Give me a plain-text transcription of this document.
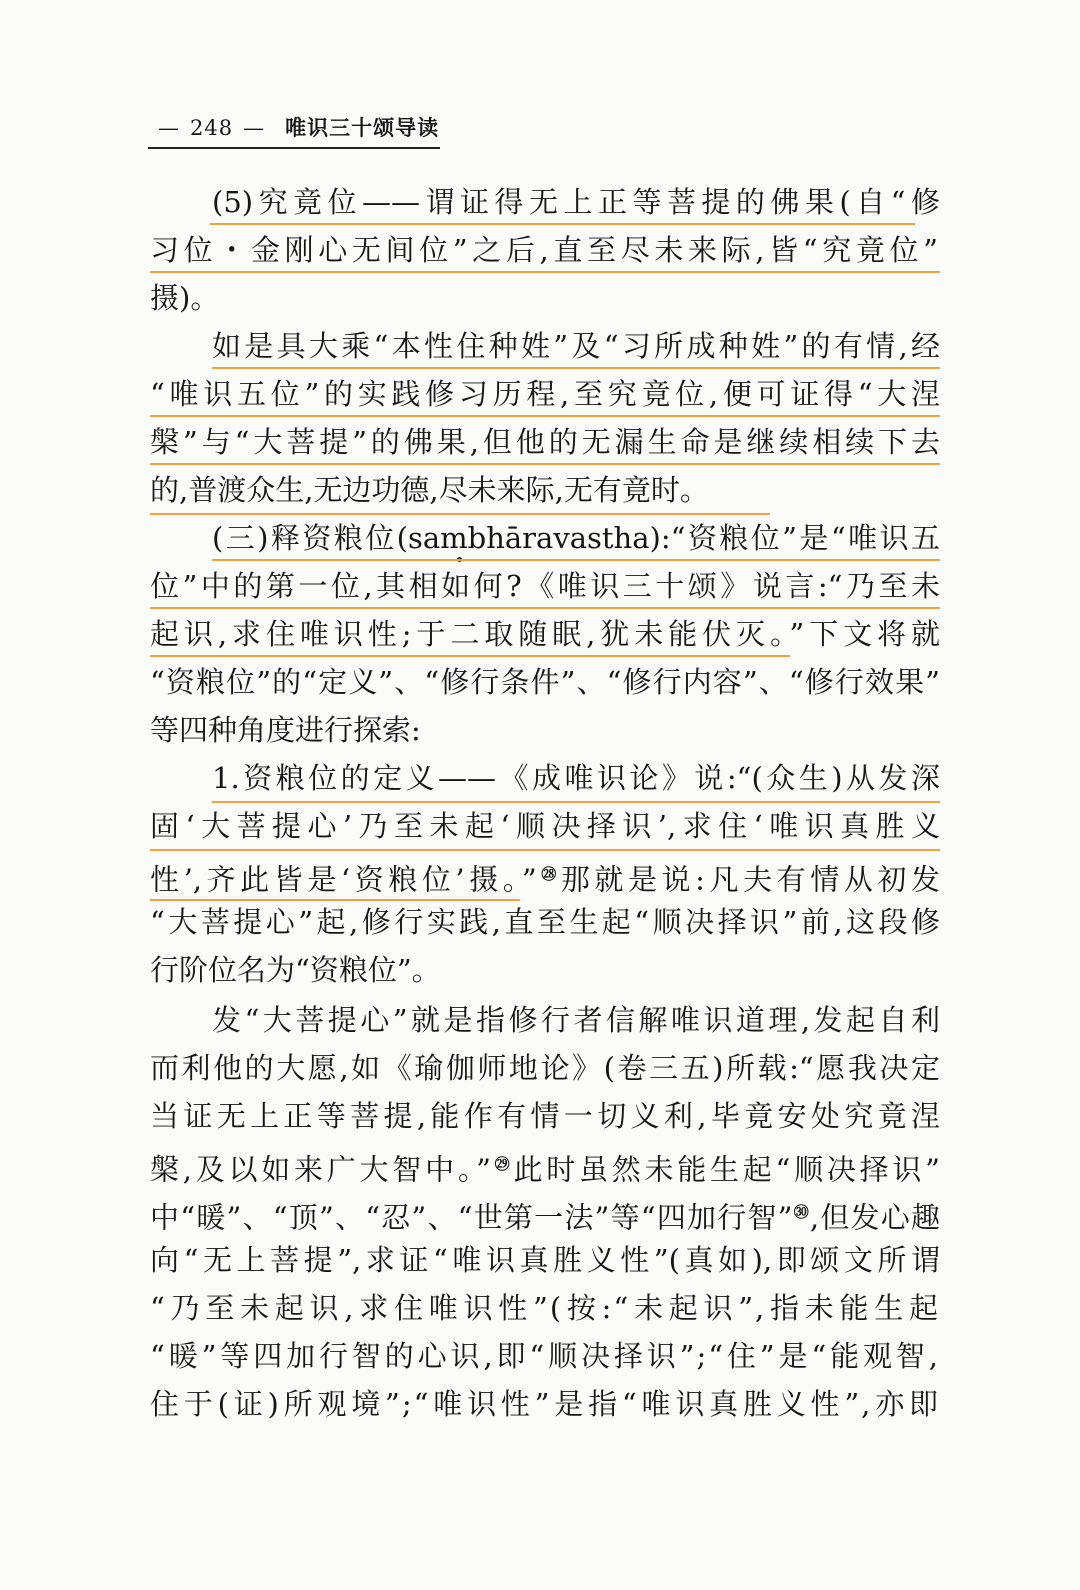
— 248 — 唯识三十颂导读
(5)究竟位——谓证得无上正等菩提的佛果(自“修
习位・金刚心无间位”之后,直至尽未来际,皆“究竟位”
摄)。
如是具大乘“本性住种姓”及“习所成种姓”的有情,经
“唯识五位”的实践修习历程,至究竟位,便可证得“大涅
槃”与“大菩提”的佛果,但他的无漏生命是继续相续下去
的,普渡众生,无边功德,尽未来际,无有竟时。
(三)释资粮位(sambhāravastha):“资粮位”是“唯识五
位”中的第一位,其相如何?《唯识三十颂》说言:“乃至未
起识,求住唯识性;于二取随眠,犹未能伏灭。”下文将就
“资粮位”的“定义”、“修行条件”、“修行内容”、“修行效果”
等四种角度进行探索:
1.资粮位的定义——《成唯识论》说:“(众生)从发深
固‘大菩提心’乃至未起‘顺决择识’,求住‘唯识真胜义
性’,齐此皆是‘资粮位’摄。”$^㉘$那就是说:凡夫有情从初发
“大菩提心”起,修行实践,直至生起“顺决择识”前,这段修
行阶位名为“资粮位”。
发“大菩提心”就是指修行者信解唯识道理,发起自利
而利他的大愿,如《瑜伽师地论》(卷三五)所载:“愿我决定
当证无上正等菩提,能作有情一切义利,毕竟安处究竟涅
槃,及以如来广大智中。”$^㉙$此时虽然未能生起“顺决择识”
中“暖”、“顶”、“忍”、“世第一法”等“四加行智”$^㉚$,但发心趣
向“无上菩提”,求证“唯识真胜义性”(真如),即颂文所谓
“乃至未起识,求住唯识性”(按:“未起识”,指未能生起
“暖”等四加行智的心识,即“顺决择识”;“住”是“能观智,
住于(证)所观境”;“唯识性”是指“唯识真胜义性”,亦即
